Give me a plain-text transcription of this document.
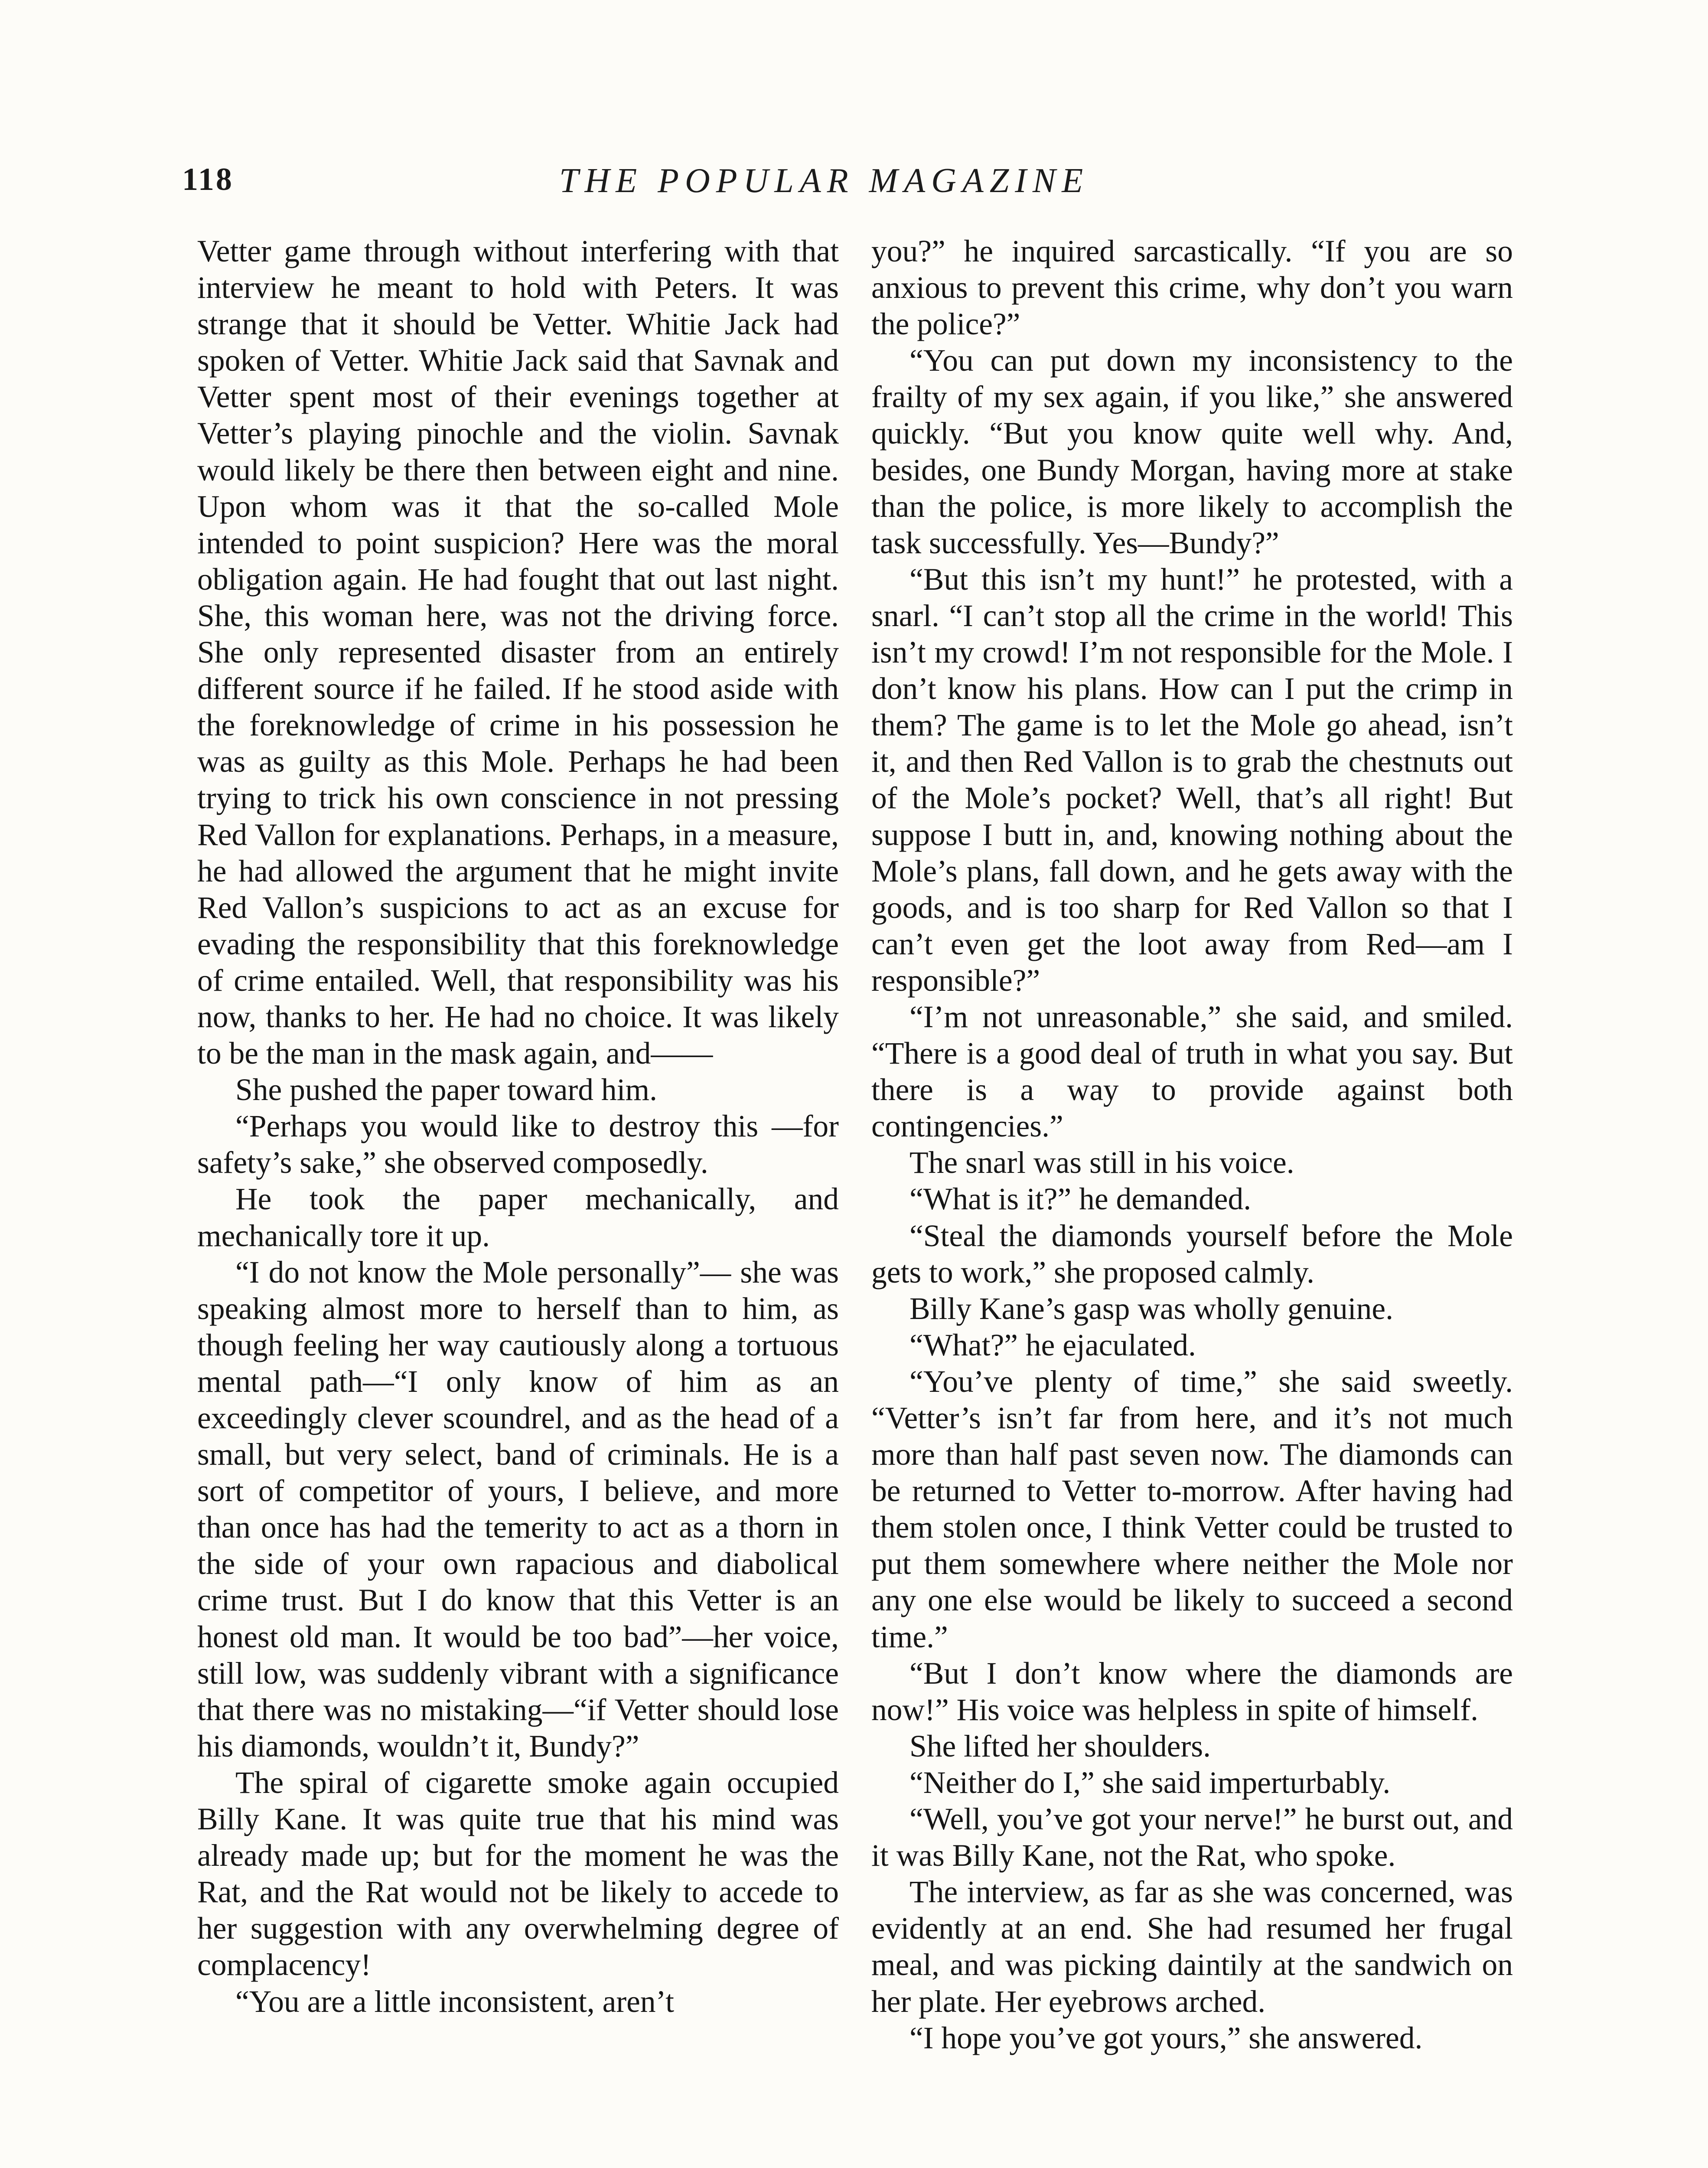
118	THE POPULAR MAGAZINE

Vetter game through without interfering with that interview he meant to hold with Peters. It was strange that it should be Vetter. Whitie Jack had spoken of Vetter. Whitie Jack said that Savnak and Vetter spent most of their evenings together at Vetter’s playing pinochle and the violin. Savnak would likely be there then between eight and nine. Upon whom was it that the so-called Mole intended to point suspicion? Here was the moral obligation again. He had fought that out last night. She, this woman here, was not the driving force. She only represented disaster from an entirely different source if he failed. If he stood aside with the foreknowledge of crime in his possession he was as guilty as this Mole. Perhaps he had been trying to trick his own conscience in not pressing Red Vallon for explanations. Perhaps, in a measure, he had allowed the argument that he might invite Red Vallon’s suspicions to act as an excuse for evading the responsibility that this foreknowledge of crime entailed. Well, that responsibility was his now, thanks to her. He had no choice. It was likely to be the man in the mask again, and——

She pushed the paper toward him.

“Perhaps you would like to destroy this —for safety’s sake,” she observed composedly.

He took the paper mechanically, and mechanically tore it up.

“I do not know the Mole personally”— she was speaking almost more to herself than to him, as though feeling her way cautiously along a tortuous mental path—“I only know of him as an exceedingly clever scoundrel, and as the head of a small, but very select, band of criminals. He is a sort of competitor of yours, I believe, and more than once has had the temerity to act as a thorn in the side of your own rapacious and diabolical crime trust. But I do know that this Vetter is an honest old man. It would be too bad”—her voice, still low, was suddenly vibrant with a significance that there was no mistaking—“if Vetter should lose his diamonds, wouldn’t it, Bundy?”

The spiral of cigarette smoke again occupied Billy Kane. It was quite true that his mind was already made up; but for the moment he was the Rat, and the Rat would not be likely to accede to her suggestion with any overwhelming degree of complacency!

“You are a little inconsistent, aren’t

you?” he inquired sarcastically. “If you are so anxious to prevent this crime, why don’t you warn the police?”

“You can put down my inconsistency to the frailty of my sex again, if you like,” she answered quickly. “But you know quite well why. And, besides, one Bundy Morgan, having more at stake than the police, is more likely to accomplish the task successfully. Yes—Bundy?”

“But this isn’t my hunt!” he protested, with a snarl. “I can’t stop all the crime in the world! This isn’t my crowd! I’m not responsible for the Mole. I don’t know his plans. How can I put the crimp in them? The game is to let the Mole go ahead, isn’t it, and then Red Vallon is to grab the chestnuts out of the Mole’s pocket? Well, that’s all right! But suppose I butt in, and, knowing nothing about the Mole’s plans, fall down, and he gets away with the goods, and is too sharp for Red Vallon so that I can’t even get the loot away from Red—am I responsible?”

“I’m not unreasonable,” she said, and smiled. “There is a good deal of truth in what you say. But there is a way to provide against both contingencies.”

The snarl was still in his voice.

“What is it?” he demanded.

“Steal the diamonds yourself before the Mole gets to work,” she proposed calmly.

Billy Kane’s gasp was wholly genuine.

“What?” he ejaculated.

“You’ve plenty of time,” she said sweetly. “Vetter’s isn’t far from here, and it’s not much more than half past seven now. The diamonds can be returned to Vetter to-morrow. After having had them stolen once, I think Vetter could be trusted to put them somewhere where neither the Mole nor any one else would be likely to succeed a second time.”

“But I don’t know where the diamonds are now!” His voice was helpless in spite of himself.

She lifted her shoulders.

“Neither do I,” she said imperturbably.

“Well, you’ve got your nerve!” he burst out, and it was Billy Kane, not the Rat, who spoke.

The interview, as far as she was concerned, was evidently at an end. She had resumed her frugal meal, and was picking daintily at the sandwich on her plate. Her eyebrows arched.

“I hope you’ve got yours,” she answered.
